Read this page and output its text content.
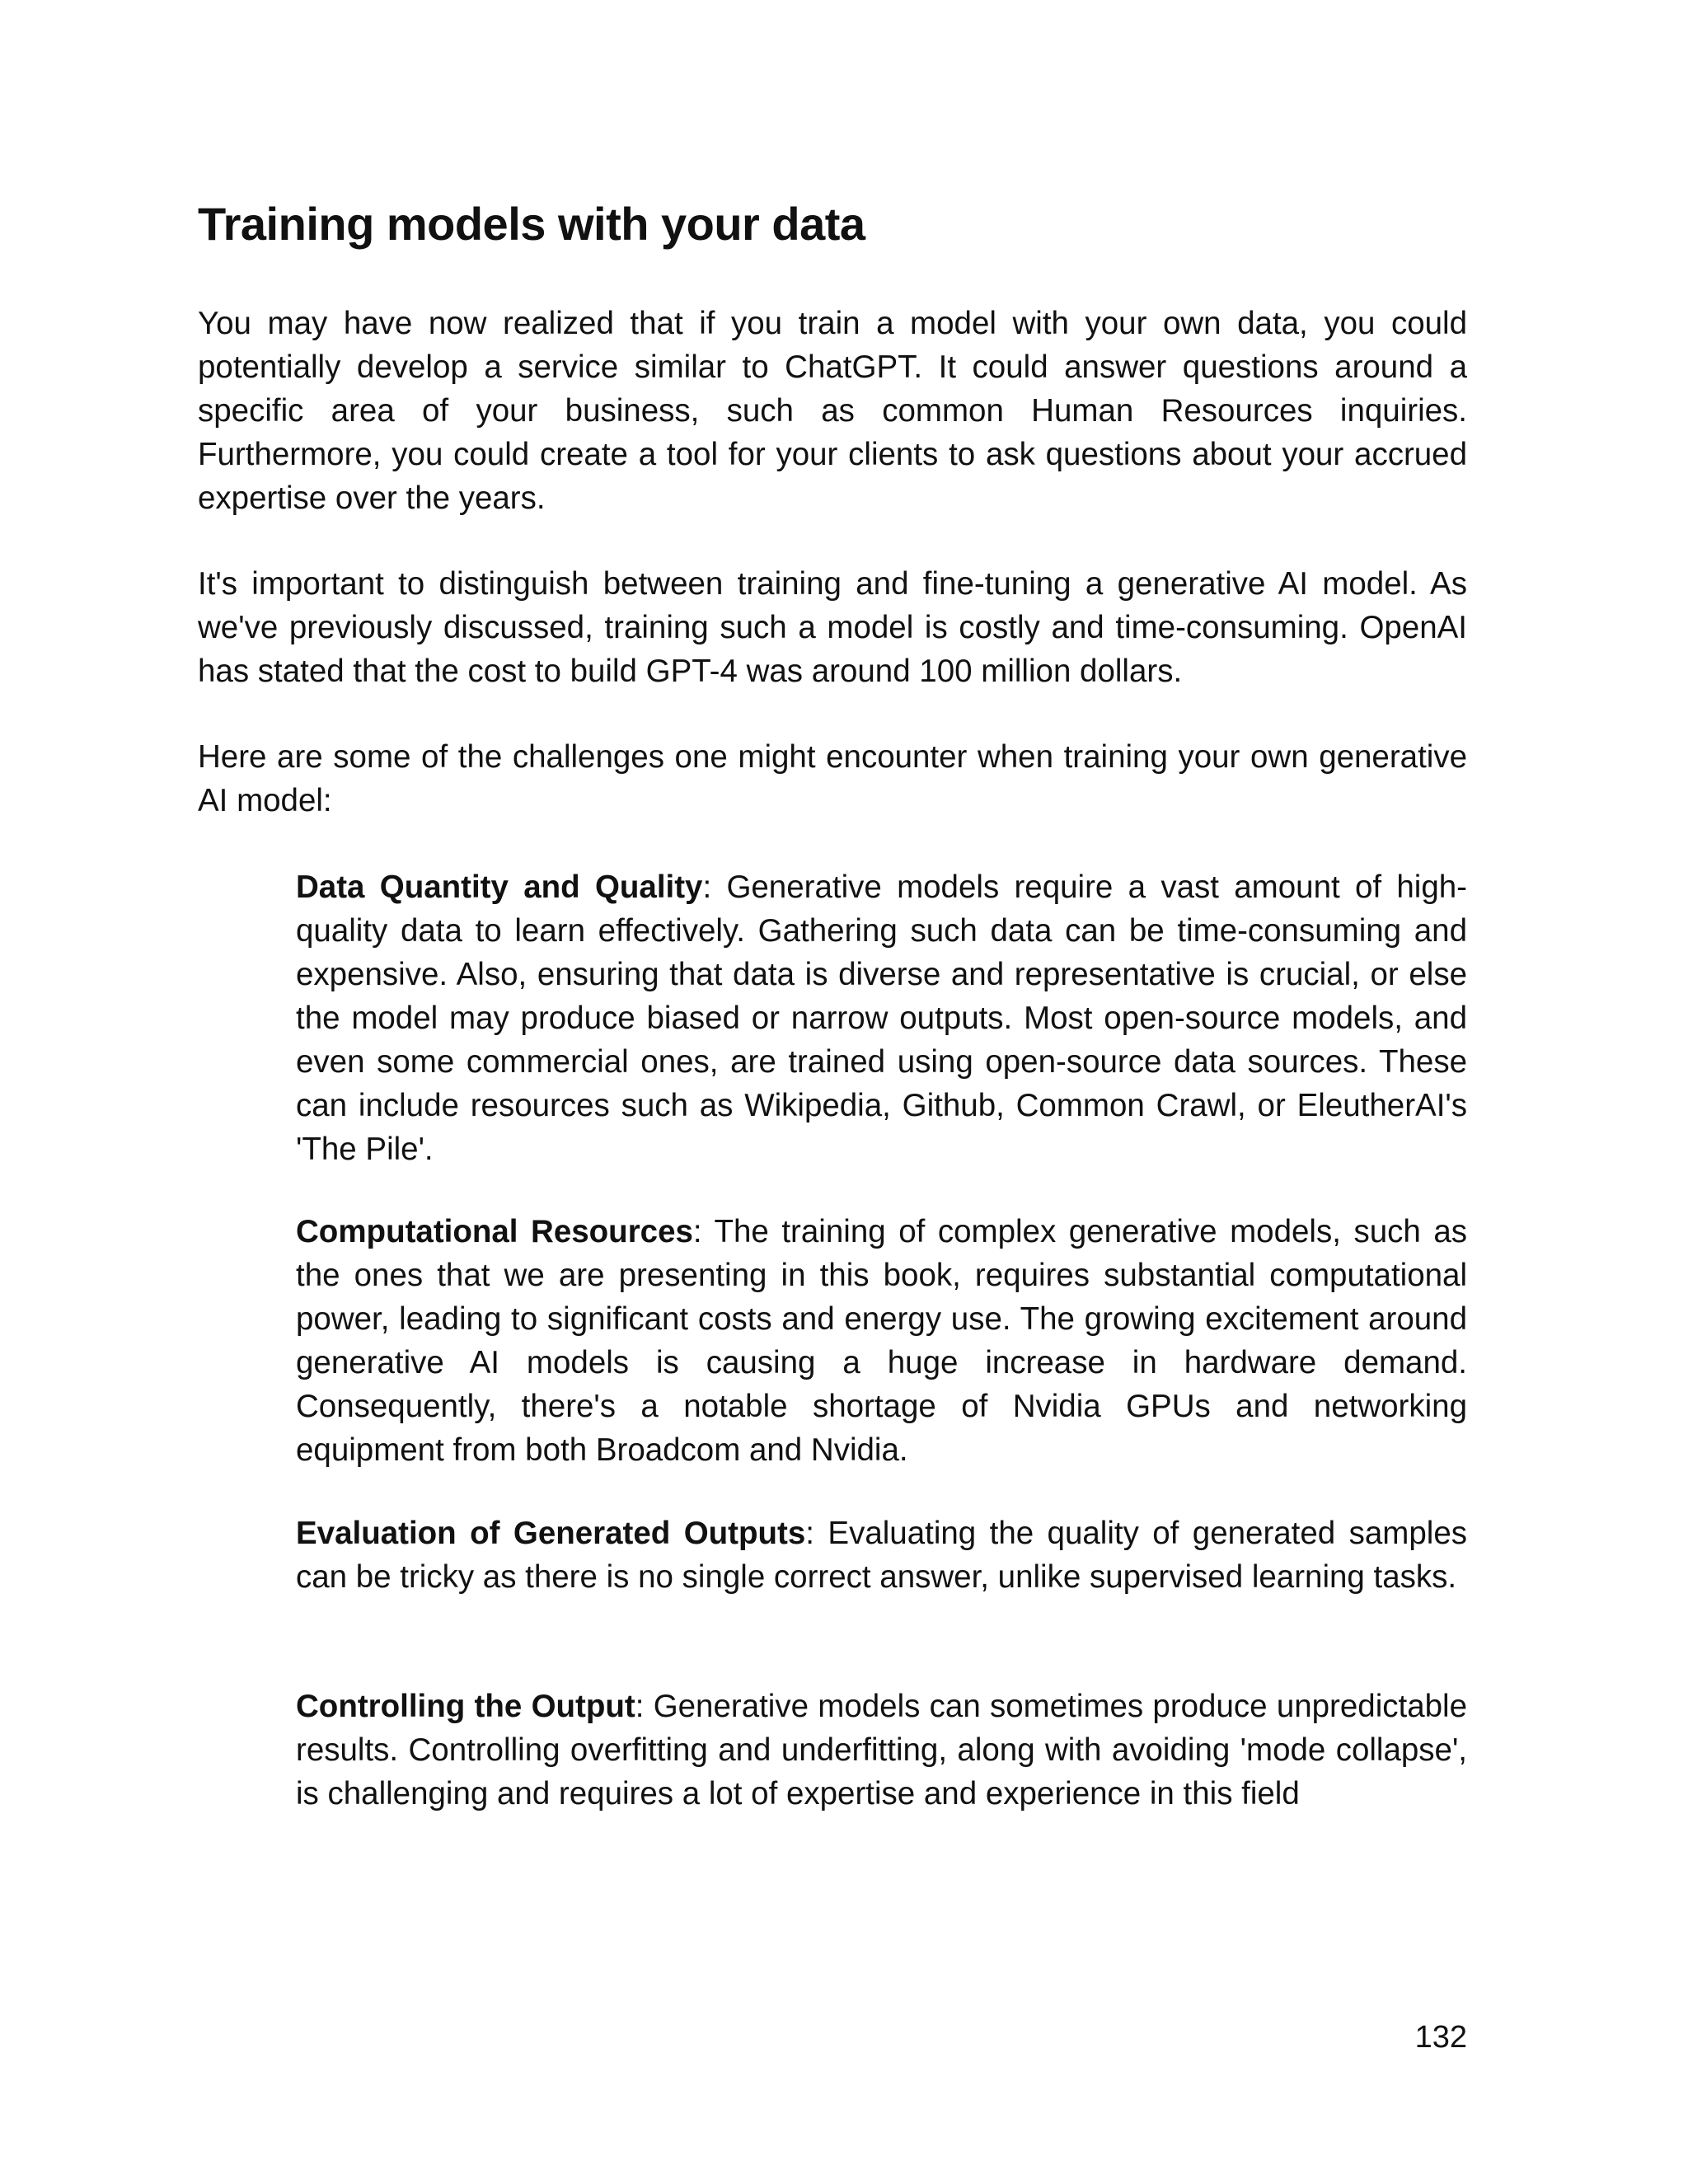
Training models with your data

You may have now realized that if you train a model with your own data, you could potentially develop a service similar to ChatGPT. It could answer questions around a specific area of your business, such as common Human Resources inquiries. Furthermore, you could create a tool for your clients to ask questions about your accrued expertise over the years.

It's important to distinguish between training and fine-tuning a generative AI model. As we've previously discussed, training such a model is costly and time-consuming. OpenAI has stated that the cost to build GPT-4 was around 100 million dollars.

Here are some of the challenges one might encounter when training your own generative AI model:

Data Quantity and Quality: Generative models require a vast amount of high-quality data to learn effectively. Gathering such data can be time-consuming and expensive. Also, ensuring that data is diverse and representative is crucial, or else the model may produce biased or narrow outputs. Most open-source models, and even some commercial ones, are trained using open-source data sources. These can include resources such as Wikipedia, Github, Common Crawl, or EleutherAI's 'The Pile'.

Computational Resources: The training of complex generative models, such as the ones that we are presenting in this book, requires substantial computational power, leading to significant costs and energy use. The growing excitement around generative AI models is causing a huge increase in hardware demand. Consequently, there's a notable shortage of Nvidia GPUs and networking equipment from both Broadcom and Nvidia.

Evaluation of Generated Outputs: Evaluating the quality of generated samples can be tricky as there is no single correct answer, unlike supervised learning tasks.

Controlling the Output: Generative models can sometimes produce unpredictable results. Controlling overfitting and underfitting, along with avoiding 'mode collapse', is challenging and requires a lot of expertise and experience in this field

132
